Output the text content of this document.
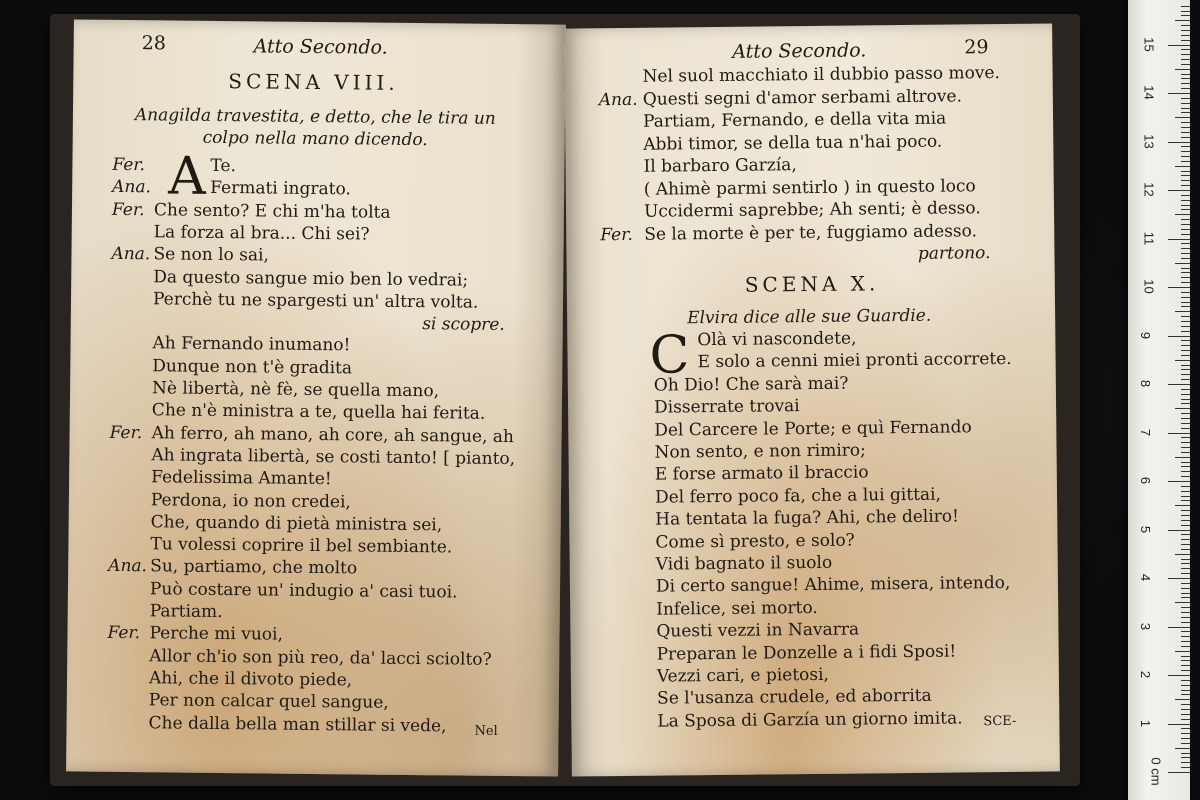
28	Atto Secondo.
SCENA VIII.
Anagilda travestita, e detto, che le tira un
colpo nella mano dicendo.
A
Fer.	Te.
Ana.	Fermati ingrato.
Fer. Che sento? E chi m'ha tolta
La forza al bra... Chi sei?
Ana. Se non lo sai,
Da questo sangue mio ben lo vedrai;
Perchè tu ne spargesti un' altra volta.
si scopre.
Ah Fernando inumano!
Dunque non t'è gradita
Nè libertà, nè fè, se quella mano,
Che n'è ministra a te, quella hai ferita.
Fer. Ah ferro, ah mano, ah core, ah sangue, ah
Ah ingrata libertà, se costi tanto! [ pianto,
Fedelissima Amante!
Perdona, io non credei,
Che, quando di pietà ministra sei,
Tu volessi coprire il bel sembiante.
Ana. Su, partiamo, che molto
Può costare un' indugio a' casi tuoi.
Partiam.
Fer. Perche mi vuoi,
Allor ch'io son più reo, da' lacci sciolto?
Ahi, che il divoto piede,
Per non calcar quel sangue,
Che dalla bella man stillar si vede, Nel
Atto Secondo.	29
Nel suol macchiato il dubbio passo move.
Ana. Questi segni d'amor serbami altrove.
Partiam, Fernando, e della vita mia
Abbi timor, se della tua n'hai poco.
Il barbaro Garzía,
( Ahimè parmi sentirlo ) in questo loco
Uccidermi saprebbe; Ah senti; è desso.
Fer. Se la morte è per te, fuggiamo adesso.
partono.
SCENA X.
Elvira dice alle sue Guardie.
C Olà vi nascondete,
E solo a cenni miei pronti accorrete.
Oh Dio! Che sarà mai?
Disserrate trovai
Del Carcere le Porte; e quì Fernando
Non sento, e non rimiro;
E forse armato il braccio
Del ferro poco fa, che a lui gittai,
Ha tentata la fuga? Ahi, che deliro!
Come sì presto, e solo?
Vidi bagnato il suolo
Di certo sangue! Ahime, misera, intendo,
Infelice, sei morto.
Questi vezzi in Navarra
Preparan le Donzelle a i fidi Sposi!
Vezzi cari, e pietosi,
Se l'usanza crudele, ed aborrita
La Sposa di Garzía un giorno imita. SCE-
0 cm
1
2
3
4
5
6
7
8
9
10
11
12
13
14
15
